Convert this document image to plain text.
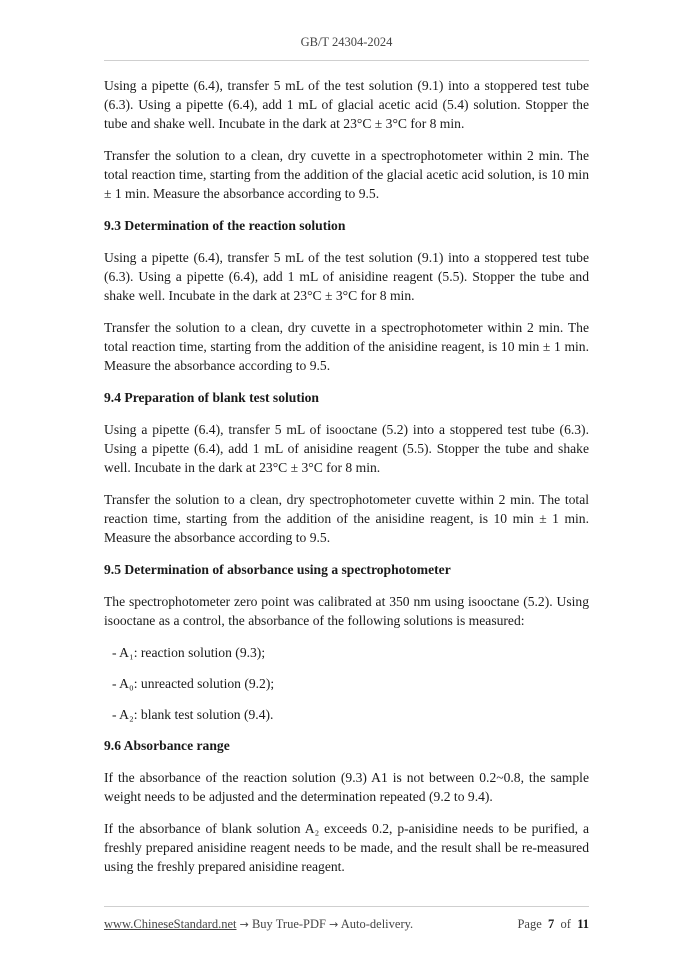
GB/T 24304-2024

Using a pipette (6.4), transfer 5 mL of the test solution (9.1) into a stoppered test tube (6.3). Using a pipette (6.4), add 1 mL of glacial acetic acid (5.4) solution. Stopper the tube and shake well. Incubate in the dark at 23°C ± 3°C for 8 min.

Transfer the solution to a clean, dry cuvette in a spectrophotometer within 2 min. The total reaction time, starting from the addition of the glacial acetic acid solution, is 10 min ± 1 min. Measure the absorbance according to 9.5.

9.3 Determination of the reaction solution

Using a pipette (6.4), transfer 5 mL of the test solution (9.1) into a stoppered test tube (6.3). Using a pipette (6.4), add 1 mL of anisidine reagent (5.5). Stopper the tube and shake well. Incubate in the dark at 23°C ± 3°C for 8 min.

Transfer the solution to a clean, dry cuvette in a spectrophotometer within 2 min. The total reaction time, starting from the addition of the anisidine reagent, is 10 min ± 1 min. Measure the absorbance according to 9.5.

9.4 Preparation of blank test solution

Using a pipette (6.4), transfer 5 mL of isooctane (5.2) into a stoppered test tube (6.3). Using a pipette (6.4), add 1 mL of anisidine reagent (5.5). Stopper the tube and shake well. Incubate in the dark at 23°C ± 3°C for 8 min.

Transfer the solution to a clean, dry spectrophotometer cuvette within 2 min. The total reaction time, starting from the addition of the anisidine reagent, is 10 min ± 1 min. Measure the absorbance according to 9.5.

9.5 Determination of absorbance using a spectrophotometer

The spectrophotometer zero point was calibrated at 350 nm using isooctane (5.2). Using isooctane as a control, the absorbance of the following solutions is measured:

- A₁: reaction solution (9.3);

- A₀: unreacted solution (9.2);

- A₂: blank test solution (9.4).

9.6 Absorbance range

If the absorbance of the reaction solution (9.3) A1 is not between 0.2~0.8, the sample weight needs to be adjusted and the determination repeated (9.2 to 9.4).

If the absorbance of blank solution A₂ exceeds 0.2, p-anisidine needs to be purified, a freshly prepared anisidine reagent needs to be made, and the result shall be re-measured using the freshly prepared anisidine reagent.

www.ChineseStandard.net → Buy True-PDF → Auto-delivery.	Page 7 of 11
